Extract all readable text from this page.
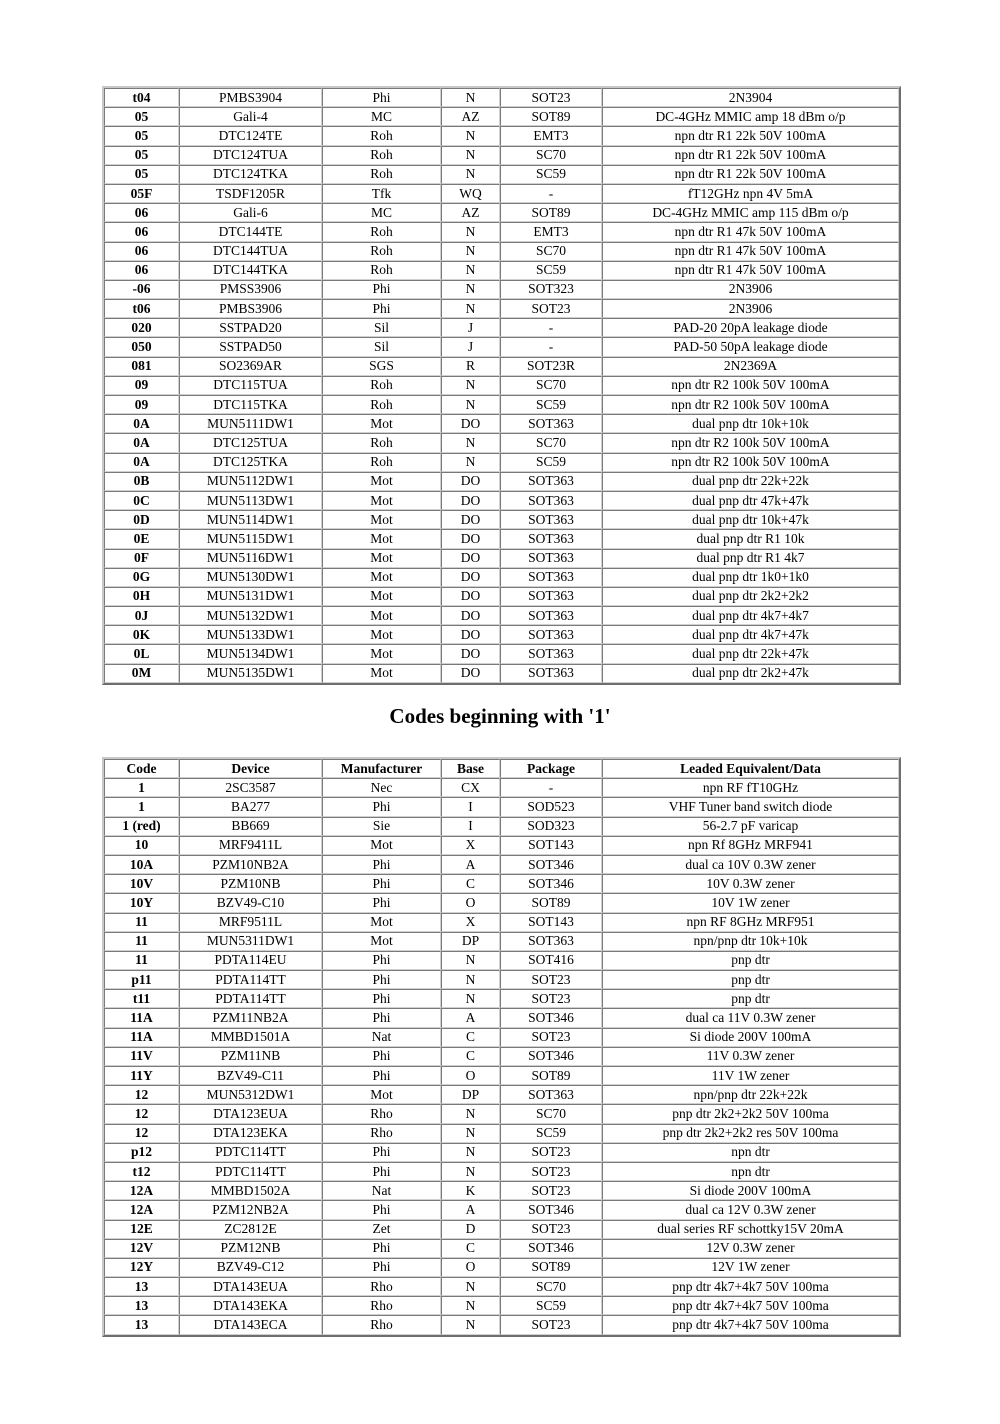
t04	PMBS3904	Phi	N	SOT23	2N3904
05	Gali-4	MC	AZ	SOT89	DC-4GHz MMIC amp 18 dBm o/p
05	DTC124TE	Roh	N	EMT3	npn dtr R1 22k 50V 100mA
05	DTC124TUA	Roh	N	SC70	npn dtr R1 22k 50V 100mA
05	DTC124TKA	Roh	N	SC59	npn dtr R1 22k 50V 100mA
05F	TSDF1205R	Tfk	WQ	-	fT12GHz npn 4V 5mA
06	Gali-6	MC	AZ	SOT89	DC-4GHz MMIC amp 115 dBm o/p
06	DTC144TE	Roh	N	EMT3	npn dtr R1 47k 50V 100mA
06	DTC144TUA	Roh	N	SC70	npn dtr R1 47k 50V 100mA
06	DTC144TKA	Roh	N	SC59	npn dtr R1 47k 50V 100mA
-06	PMSS3906	Phi	N	SOT323	2N3906
t06	PMBS3906	Phi	N	SOT23	2N3906
020	SSTPAD20	Sil	J	-	PAD-20 20pA leakage diode
050	SSTPAD50	Sil	J	-	PAD-50 50pA leakage diode
081	SO2369AR	SGS	R	SOT23R	2N2369A
09	DTC115TUA	Roh	N	SC70	npn dtr R2 100k 50V 100mA
09	DTC115TKA	Roh	N	SC59	npn dtr R2 100k 50V 100mA
0A	MUN5111DW1	Mot	DO	SOT363	dual pnp dtr 10k+10k
0A	DTC125TUA	Roh	N	SC70	npn dtr R2 100k 50V 100mA
0A	DTC125TKA	Roh	N	SC59	npn dtr R2 100k 50V 100mA
0B	MUN5112DW1	Mot	DO	SOT363	dual pnp dtr 22k+22k
0C	MUN5113DW1	Mot	DO	SOT363	dual pnp dtr 47k+47k
0D	MUN5114DW1	Mot	DO	SOT363	dual pnp dtr 10k+47k
0E	MUN5115DW1	Mot	DO	SOT363	dual pnp dtr R1 10k
0F	MUN5116DW1	Mot	DO	SOT363	dual pnp dtr R1 4k7
0G	MUN5130DW1	Mot	DO	SOT363	dual pnp dtr 1k0+1k0
0H	MUN5131DW1	Mot	DO	SOT363	dual pnp dtr 2k2+2k2
0J	MUN5132DW1	Mot	DO	SOT363	dual pnp dtr 4k7+4k7
0K	MUN5133DW1	Mot	DO	SOT363	dual pnp dtr 4k7+47k
0L	MUN5134DW1	Mot	DO	SOT363	dual pnp dtr 22k+47k
0M	MUN5135DW1	Mot	DO	SOT363	dual pnp dtr 2k2+47k
Codes beginning with '1'
Code	Device	Manufacturer	Base	Package	Leaded Equivalent/Data
1	2SC3587	Nec	CX	-	npn RF fT10GHz
1	BA277	Phi	I	SOD523	VHF Tuner band switch diode
1 (red)	BB669	Sie	I	SOD323	56-2.7 pF varicap
10	MRF9411L	Mot	X	SOT143	npn Rf 8GHz MRF941
10A	PZM10NB2A	Phi	A	SOT346	dual ca 10V 0.3W zener
10V	PZM10NB	Phi	C	SOT346	10V 0.3W zener
10Y	BZV49-C10	Phi	O	SOT89	10V 1W zener
11	MRF9511L	Mot	X	SOT143	npn RF 8GHz MRF951
11	MUN5311DW1	Mot	DP	SOT363	npn/pnp dtr 10k+10k
11	PDTA114EU	Phi	N	SOT416	pnp dtr
p11	PDTA114TT	Phi	N	SOT23	pnp dtr
t11	PDTA114TT	Phi	N	SOT23	pnp dtr
11A	PZM11NB2A	Phi	A	SOT346	dual ca 11V 0.3W zener
11A	MMBD1501A	Nat	C	SOT23	Si diode 200V 100mA
11V	PZM11NB	Phi	C	SOT346	11V 0.3W zener
11Y	BZV49-C11	Phi	O	SOT89	11V 1W zener
12	MUN5312DW1	Mot	DP	SOT363	npn/pnp dtr 22k+22k
12	DTA123EUA	Rho	N	SC70	pnp dtr 2k2+2k2 50V 100ma
12	DTA123EKA	Rho	N	SC59	pnp dtr 2k2+2k2 res 50V 100ma
p12	PDTC114TT	Phi	N	SOT23	npn dtr
t12	PDTC114TT	Phi	N	SOT23	npn dtr
12A	MMBD1502A	Nat	K	SOT23	Si diode 200V 100mA
12A	PZM12NB2A	Phi	A	SOT346	dual ca 12V 0.3W zener
12E	ZC2812E	Zet	D	SOT23	dual series RF schottky15V 20mA
12V	PZM12NB	Phi	C	SOT346	12V 0.3W zener
12Y	BZV49-C12	Phi	O	SOT89	12V 1W zener
13	DTA143EUA	Rho	N	SC70	pnp dtr 4k7+4k7 50V 100ma
13	DTA143EKA	Rho	N	SC59	pnp dtr 4k7+4k7 50V 100ma
13	DTA143ECA	Rho	N	SOT23	pnp dtr 4k7+4k7 50V 100ma
